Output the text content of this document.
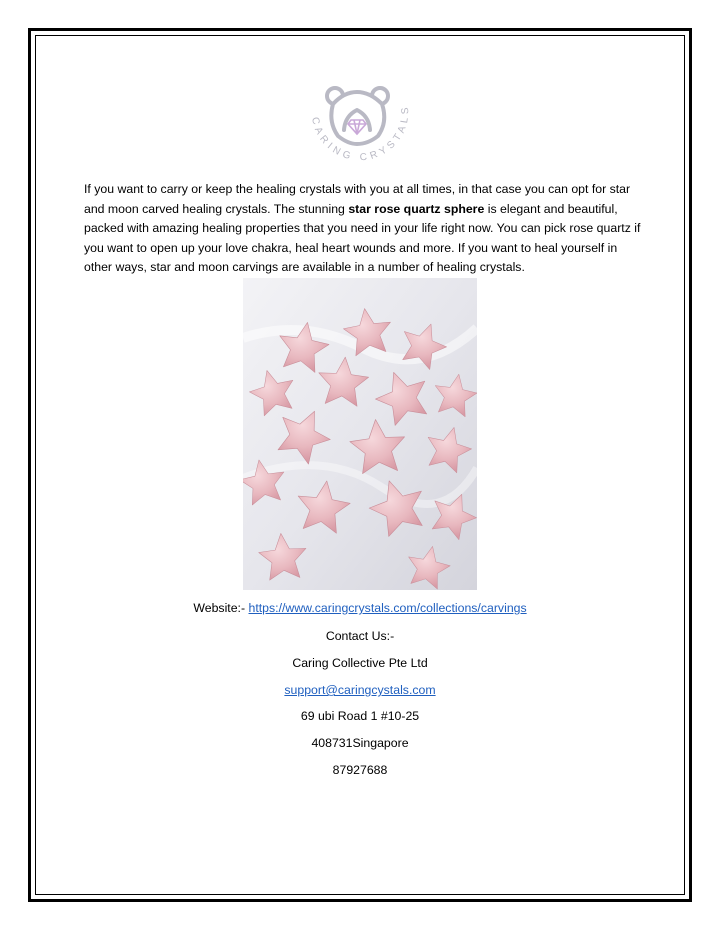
CARING CRYSTALS
If you want to carry or keep the healing crystals with you at all times, in that case you can opt for star and moon carved healing crystals. The stunning star rose quartz sphere is elegant and beautiful, packed with amazing healing properties that you need in your life right now. You can pick rose quartz if you want to open up your love chakra, heal heart wounds and more. If you want to heal yourself in other ways, star and moon carvings are available in a number of healing crystals.
Website:- https://www.caringcrystals.com/collections/carvings
Contact Us:-
Caring Collective Pte Ltd
support@caringcystals.com
69 ubi Road 1 #10-25
408731Singapore
87927688
